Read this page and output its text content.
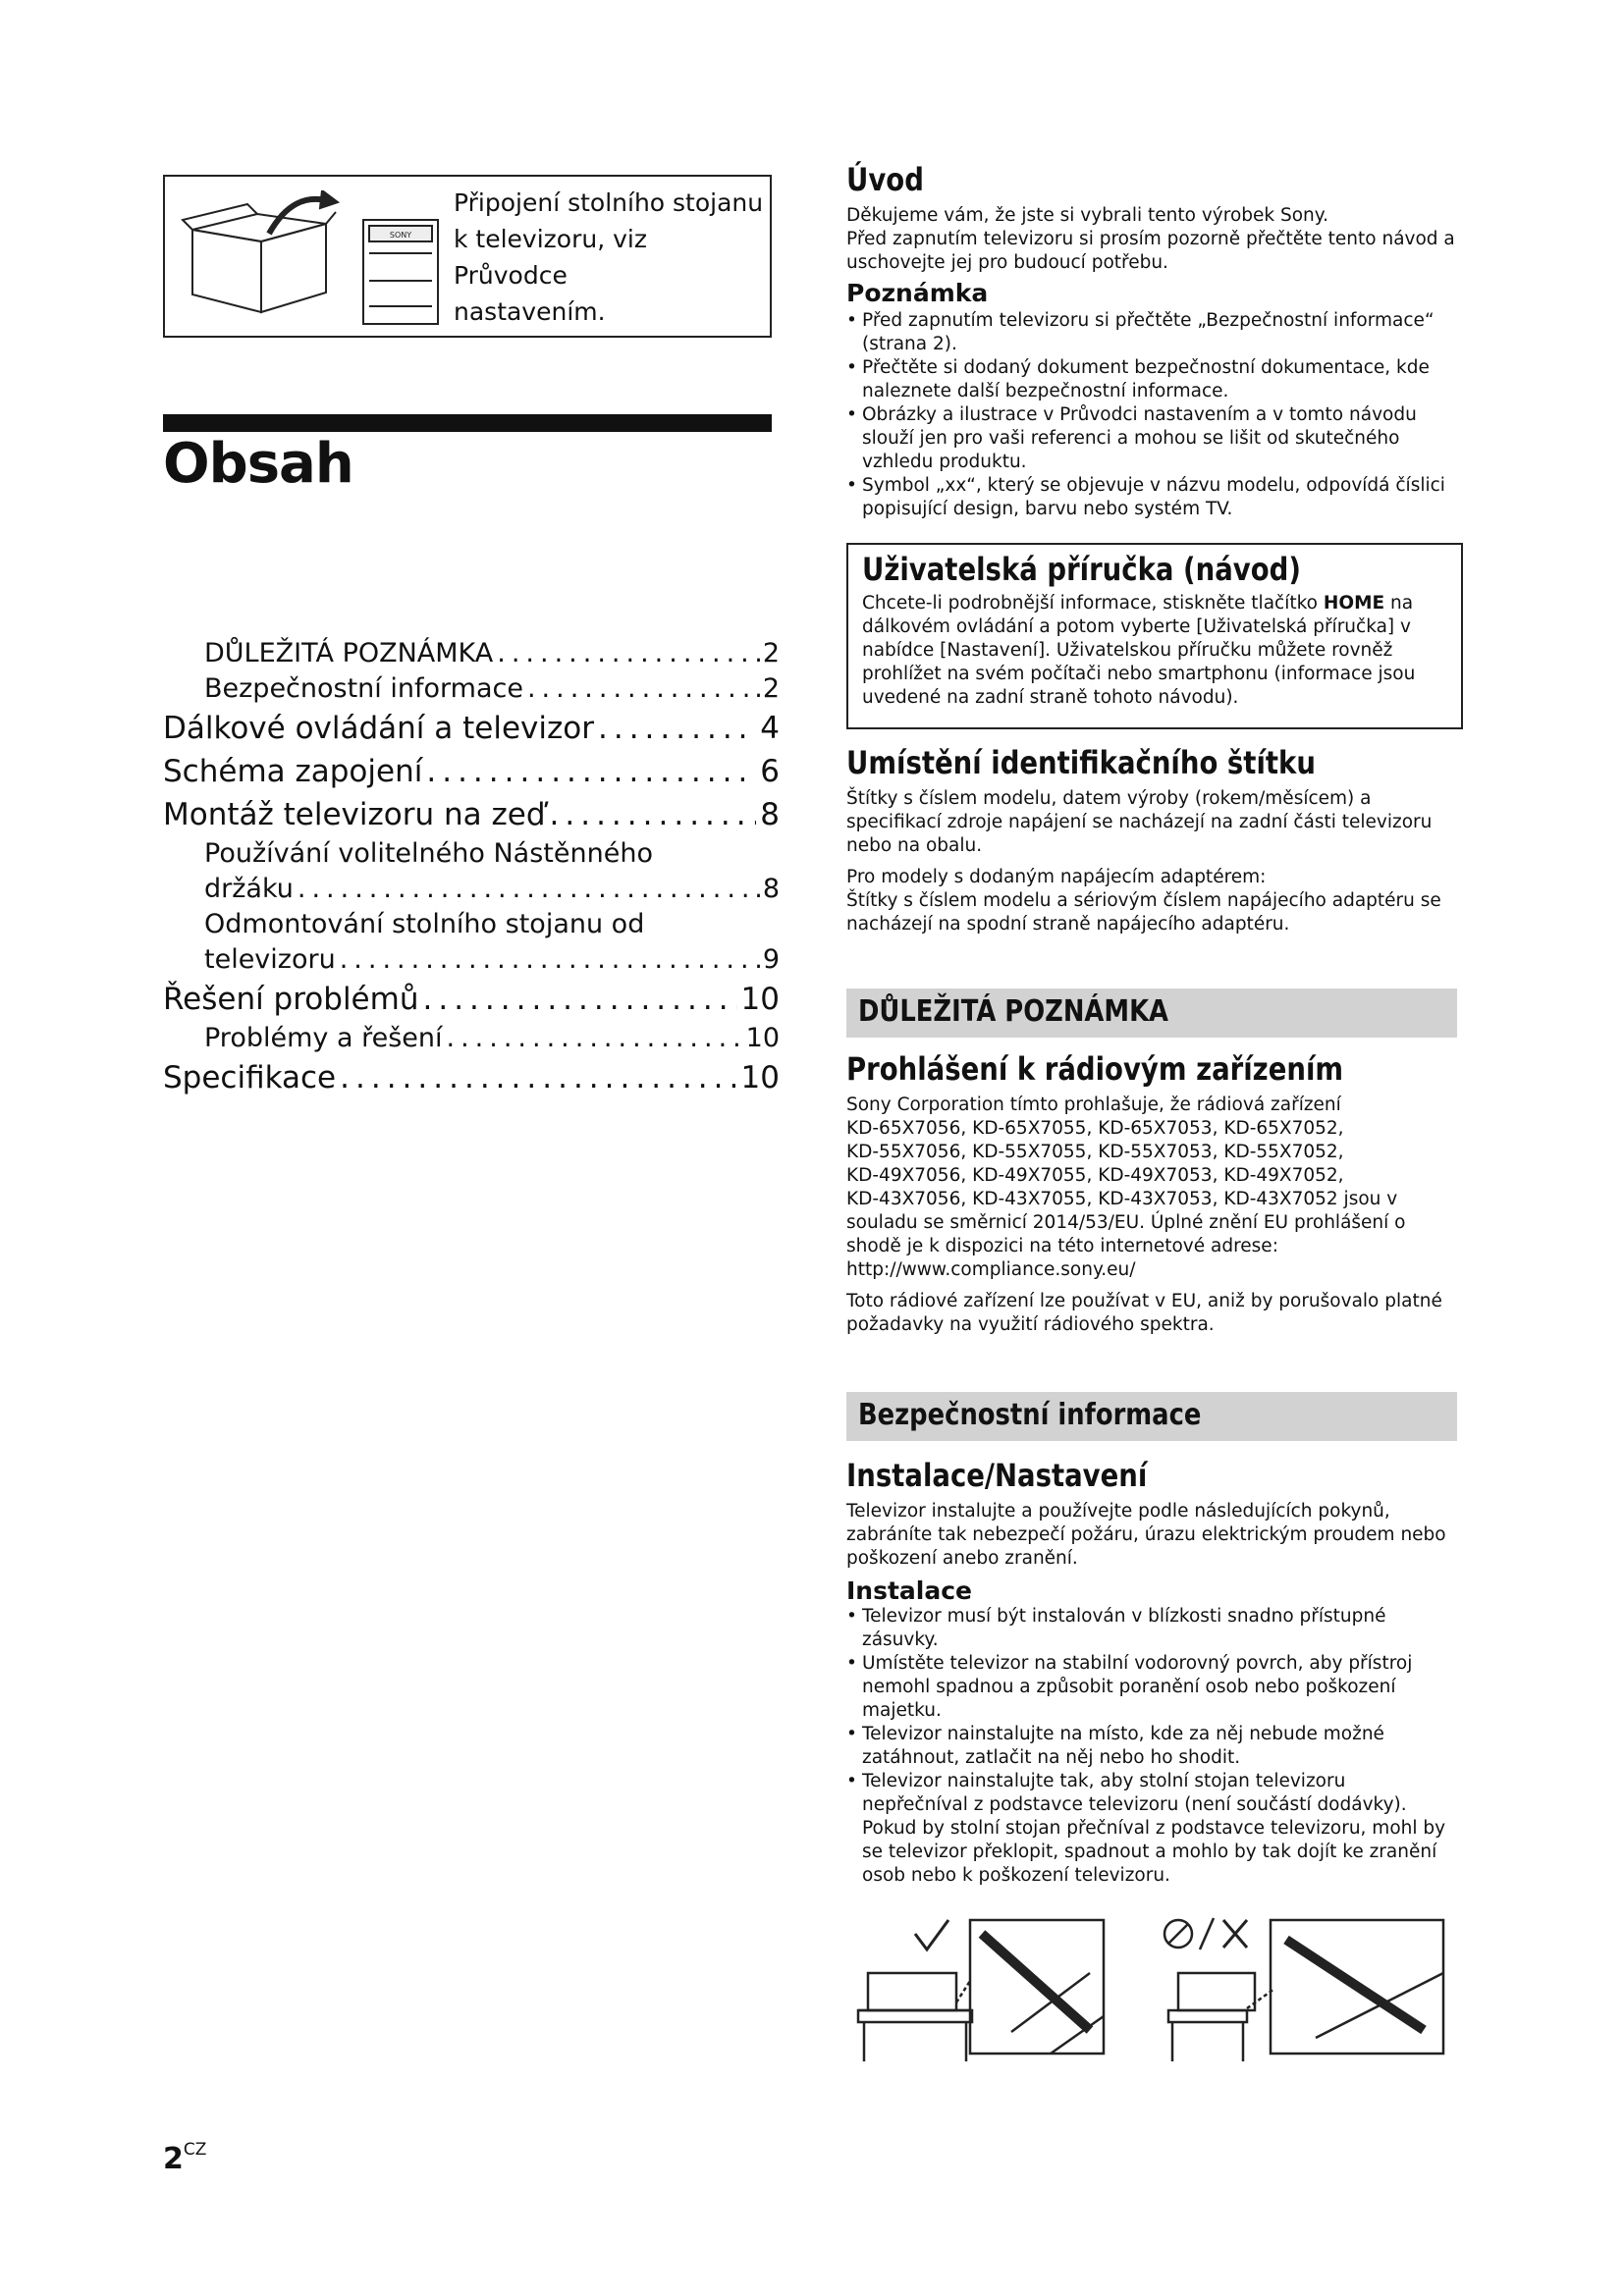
SONY
Připojení stolního stojanu
k televizoru, viz Průvodce
nastavením.
Obsah
DŮLEŽITÁ POZNÁMKA .....	.2
Bezpečnostní informace .....	.2
Dálkové ovládání a televizor .....	4
Schéma zapojení .....	6
Montáž televizoru na zeď .....	8
Používání volitelného Nástěnného
držáku .....	.8
Odmontování stolního stojanu od
televizoru .....	.9
Řešení problémů .....	10
Problémy a řešení .....	10
Specifikace .....	10
$2^{CZ}$
Úvod

Děkujeme vám, že jste si vybrali tento výrobek Sony.

Před zapnutím televizoru si prosím pozorně přečtěte tento návod a uschovejte jej pro budoucí potřebu.

Poznámka
• Před zapnutím televizoru si přečtěte „Bezpečnostní informace“ (strana 2).
• Přečtěte si dodaný dokument bezpečnostní dokumentace, kde naleznete další bezpečnostní informace.
• Obrázky a ilustrace v Průvodci nastavením a v tomto návodu slouží jen pro vaši referenci a mohou se lišit od skutečného vzhledu produktu.
• Symbol „xx“, který se objevuje v názvu modelu, odpovídá číslici popisující design, barvu nebo systém TV.
Uživatelská příručka (návod)

Chcete-li podrobnější informace, stiskněte tlačítko HOME na dálkovém ovládání a potom vyberte [Uživatelská příručka] v nabídce [Nastavení]. Uživatelskou příručku můžete rovněž prohlížet na svém počítači nebo smartphonu (informace jsou uvedené na zadní straně tohoto návodu).

Umístění identifikačního štítku

Štítky s číslem modelu, datem výroby (rokem/měsícem) a specifikací zdroje napájení se nacházejí na zadní části televizoru nebo na obalu.

Pro modely s dodaným napájecím adaptérem:

Štítky s číslem modelu a sériovým číslem napájecího adaptéru se nacházejí na spodní straně napájecího adaptéru.

DŮLEŽITÁ POZNÁMKA
Prohlášení k rádiovým zařízením

Sony Corporation tímto prohlašuje, že rádiová zařízení

KD-65X7056, KD-65X7055, KD-65X7053, KD-65X7052,

KD-55X7056, KD-55X7055, KD-55X7053, KD-55X7052,

KD-49X7056, KD-49X7055, KD-49X7053, KD-49X7052,

KD-43X7056, KD-43X7055, KD-43X7053, KD-43X7052 jsou v

souladu se směrnicí 2014/53/EU. Úplné znění EU prohlášení o

shodě je k dispozici na této internetové adrese:

http://www.compliance.sony.eu/

Toto rádiové zařízení lze používat v EU, aniž by porušovalo platné požadavky na využití rádiového spektra.

Bezpečnostní informace
Instalace/Nastavení

Televizor instalujte a používejte podle následujících pokynů, zabráníte tak nebezpečí požáru, úrazu elektrickým proudem nebo poškození anebo zranění.

Instalace
• Televizor musí být instalován v blízkosti snadno přístupné zásuvky.
• Umístěte televizor na stabilní vodorovný povrch, aby přístroj nemohl spadnou a způsobit poranění osob nebo poškození majetku.
• Televizor nainstalujte na místo, kde za něj nebude možné zatáhnout, zatlačit na něj nebo ho shodit.
• Televizor nainstalujte tak, aby stolní stojan televizoru nepřečníval z podstavce televizoru (není součástí dodávky). Pokud by stolní stojan přečníval z podstavce televizoru, mohl by se televizor překlopit, spadnout a mohlo by tak dojít ke zranění osob nebo k poškození televizoru.
